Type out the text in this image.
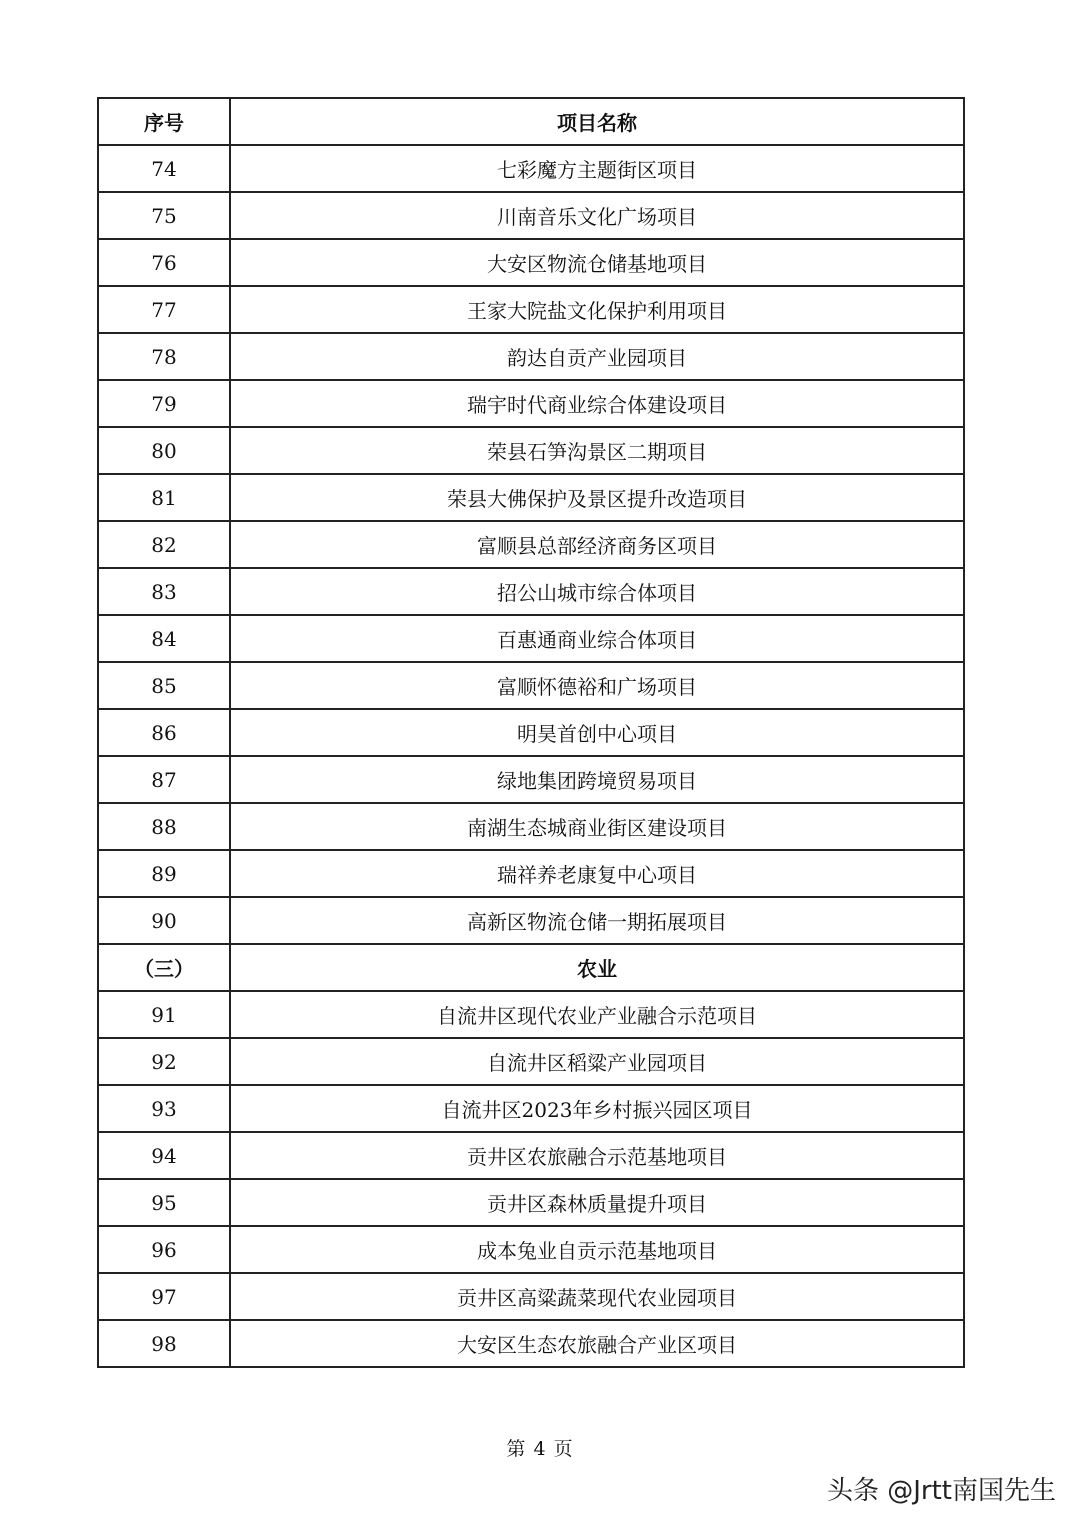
序号	项目名称
74	七彩魔方主题街区项目
75	川南音乐文化广场项目
76	大安区物流仓储基地项目
77	王家大院盐文化保护利用项目
78	韵达自贡产业园项目
79	瑞宇时代商业综合体建设项目
80	荣县石笋沟景区二期项目
81	荣县大佛保护及景区提升改造项目
82	富顺县总部经济商务区项目
83	招公山城市综合体项目
84	百惠通商业综合体项目
85	富顺怀德裕和广场项目
86	明昊首创中心项目
87	绿地集团跨境贸易项目
88	南湖生态城商业街区建设项目
89	瑞祥养老康复中心项目
90	高新区物流仓储一期拓展项目
（三）	农业
91	自流井区现代农业产业融合示范项目
92	自流井区稻粱产业园项目
93	自流井区2023年乡村振兴园区项目
94	贡井区农旅融合示范基地项目
95	贡井区森林质量提升项目
96	成本兔业自贡示范基地项目
97	贡井区高粱蔬菜现代农业园项目
98	大安区生态农旅融合产业区项目
第 4 页
头条 @Jrtt南国先生
